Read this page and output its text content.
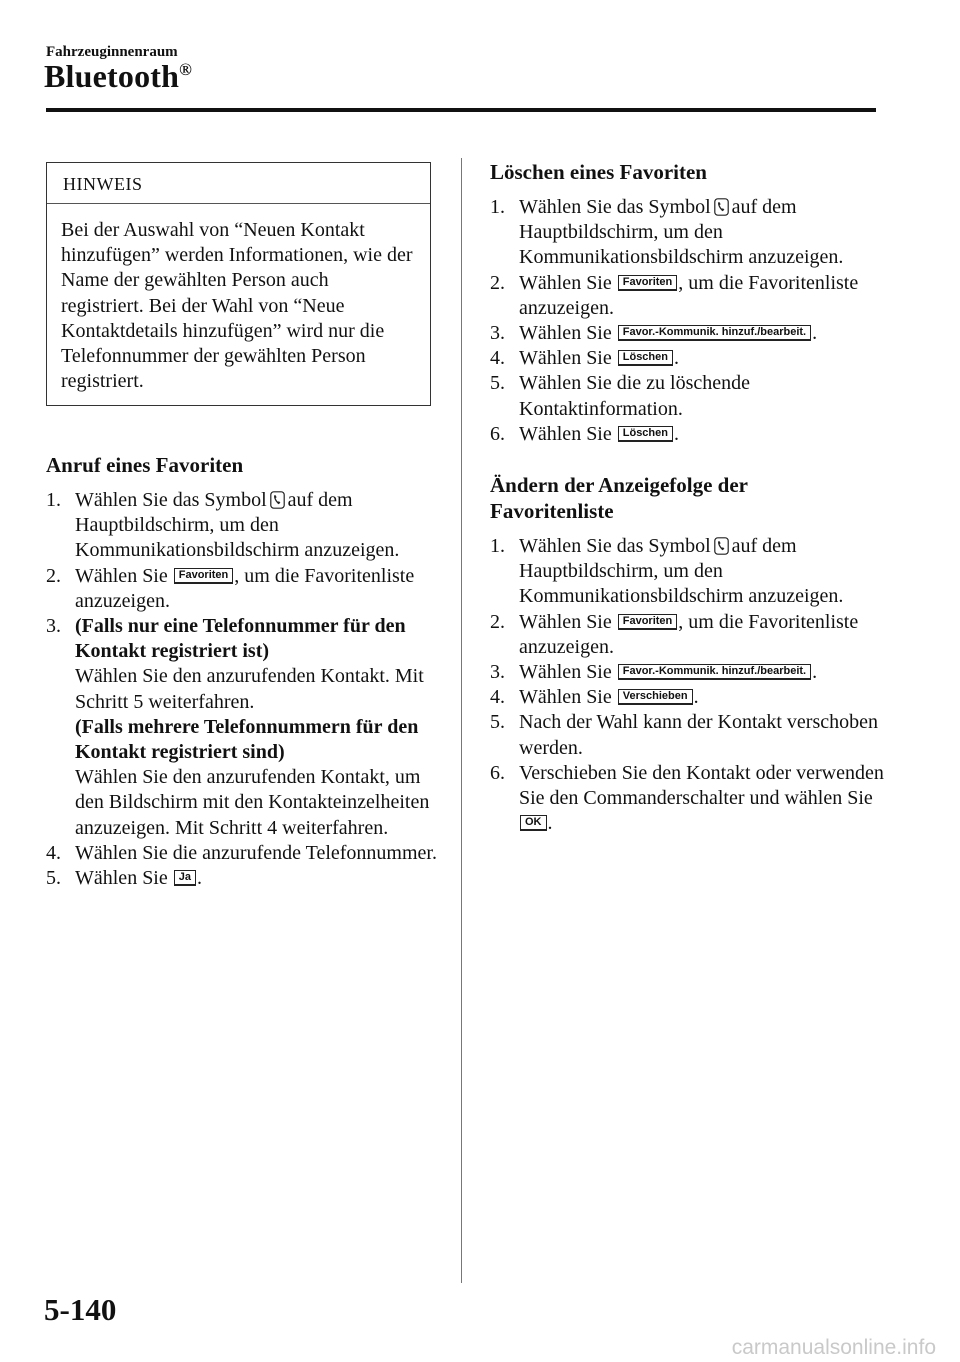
Fahrzeuginnenraum
Bluetooth®
HINWEIS
Bei der Auswahl von “Neuen Kontakt hinzufügen” werden Informationen, wie der Name der gewählten Person auch registriert. Bei der Wahl von “Neue Kontaktdetails hinzufügen” wird nur die Telefonnummer der gewählten Person registriert.
Anruf eines Favoriten
1. Wählen Sie das Symbol auf dem Hauptbildschirm, um den Kommunikationsbildschirm anzuzeigen.
2. Wählen Sie Favoriten , um die Favoritenliste anzuzeigen.
3. (Falls nur eine Telefonnummer für den Kontakt registriert ist)
Wählen Sie den anzurufenden Kontakt. Mit Schritt 5 weiterfahren.
(Falls mehrere Telefonnummern für den Kontakt registriert sind)
Wählen Sie den anzurufenden Kontakt, um den Bildschirm mit den Kontakteinzelheiten anzuzeigen. Mit Schritt 4 weiterfahren.
4. Wählen Sie die anzurufende Telefonnummer.
5. Wählen Sie Ja .
Löschen eines Favoriten
1. Wählen Sie das Symbol auf dem Hauptbildschirm, um den Kommunikationsbildschirm anzuzeigen.
2. Wählen Sie Favoriten , um die Favoritenliste anzuzeigen.
3. Wählen Sie Favor.-Kommunik. hinzuf./bearbeit. .
4. Wählen Sie Löschen .
5. Wählen Sie die zu löschende Kontaktinformation.
6. Wählen Sie Löschen .
Ändern der Anzeigefolge der
Favoritenliste
1. Wählen Sie das Symbol auf dem Hauptbildschirm, um den Kommunikationsbildschirm anzuzeigen.
2. Wählen Sie Favoriten , um die Favoritenliste anzuzeigen.
3. Wählen Sie Favor.-Kommunik. hinzuf./bearbeit. .
4. Wählen Sie Verschieben .
5. Nach der Wahl kann der Kontakt verschoben werden.
6. Verschieben Sie den Kontakt oder verwenden Sie den Commanderschalter und wählen Sie OK .
5-140
carmanualsonline.info
